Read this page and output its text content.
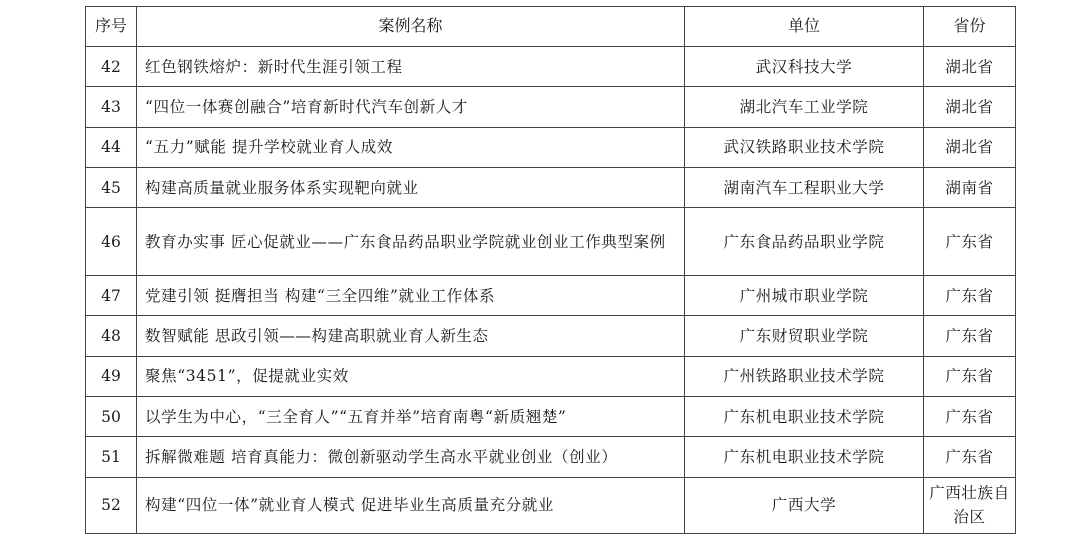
序号	案例名称	单位	省份
42	红色钢铁熔炉：新时代生涯引领工程	武汉科技大学	湖北省
43	“四位一体赛创融合”培育新时代汽车创新人才	湖北汽车工业学院	湖北省
44	“五力”赋能 提升学校就业育人成效	武汉铁路职业技术学院	湖北省
45	构建高质量就业服务体系实现靶向就业	湖南汽车工程职业大学	湖南省
46	教育办实事 匠心促就业——广东食品药品职业学院就业创业工作典型案例	广东食品药品职业学院	广东省
47	党建引领 挺膺担当 构建“三全四维”就业工作体系	广州城市职业学院	广东省
48	数智赋能 思政引领——构建高职就业育人新生态	广东财贸职业学院	广东省
49	聚焦“3451”，促提就业实效	广州铁路职业技术学院	广东省
50	以学生为中心，“三全育人”“五育并举”培育南粤“新质翘楚”	广东机电职业技术学院	广东省
51	拆解微难题 培育真能力：微创新驱动学生高水平就业创业（创业）	广东机电职业技术学院	广东省
52	构建“四位一体”就业育人模式 促进毕业生高质量充分就业	广西大学	广西壮族自治区
